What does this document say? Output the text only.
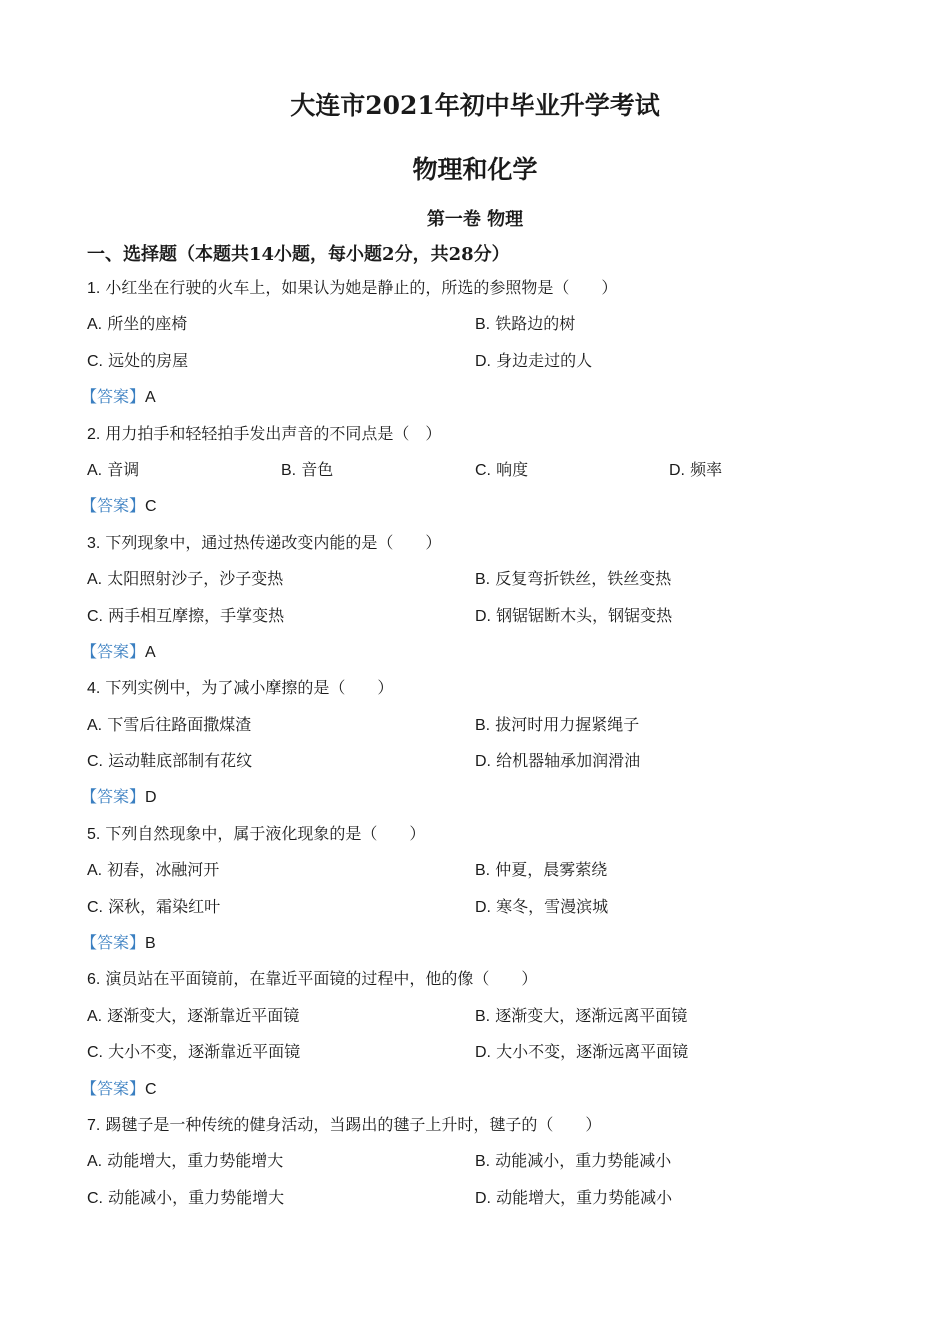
大连市2021年初中毕业升学考试
物理和化学
第一卷 物理
一、选择题（本题共14小题，每小题2分，共28分）
1. 小红坐在行驶的火车上，如果认为她是静止的，所选的参照物是（　　）
A. 所坐的座椅	B. 铁路边的树
C. 远处的房屋	D. 身边走过的人
【答案】A
2. 用力拍手和轻轻拍手发出声音的不同点是（　）
A. 音调	B. 音色	C. 响度	D. 频率
【答案】C
3. 下列现象中，通过热传递改变内能的是（　　）
A. 太阳照射沙子，沙子变热	B. 反复弯折铁丝，铁丝变热
C. 两手相互摩擦，手掌变热	D. 钢锯锯断木头，钢锯变热
【答案】A
4. 下列实例中，为了减小摩擦的是（　　）
A. 下雪后往路面撒煤渣	B. 拔河时用力握紧绳子
C. 运动鞋底部制有花纹	D. 给机器轴承加润滑油
【答案】D
5. 下列自然现象中，属于液化现象的是（　　）
A. 初春，冰融河开	B. 仲夏，晨雾萦绕
C. 深秋，霜染红叶	D. 寒冬，雪漫滨城
【答案】B
6. 演员站在平面镜前，在靠近平面镜的过程中，他的像（　　）
A. 逐渐变大，逐渐靠近平面镜	B. 逐渐变大，逐渐远离平面镜
C. 大小不变，逐渐靠近平面镜	D. 大小不变，逐渐远离平面镜
【答案】C
7. 踢毽子是一种传统的健身活动，当踢出的毽子上升时，毽子的（　　）
A. 动能增大，重力势能增大	B. 动能减小，重力势能减小
C. 动能减小，重力势能增大	D. 动能增大，重力势能减小
